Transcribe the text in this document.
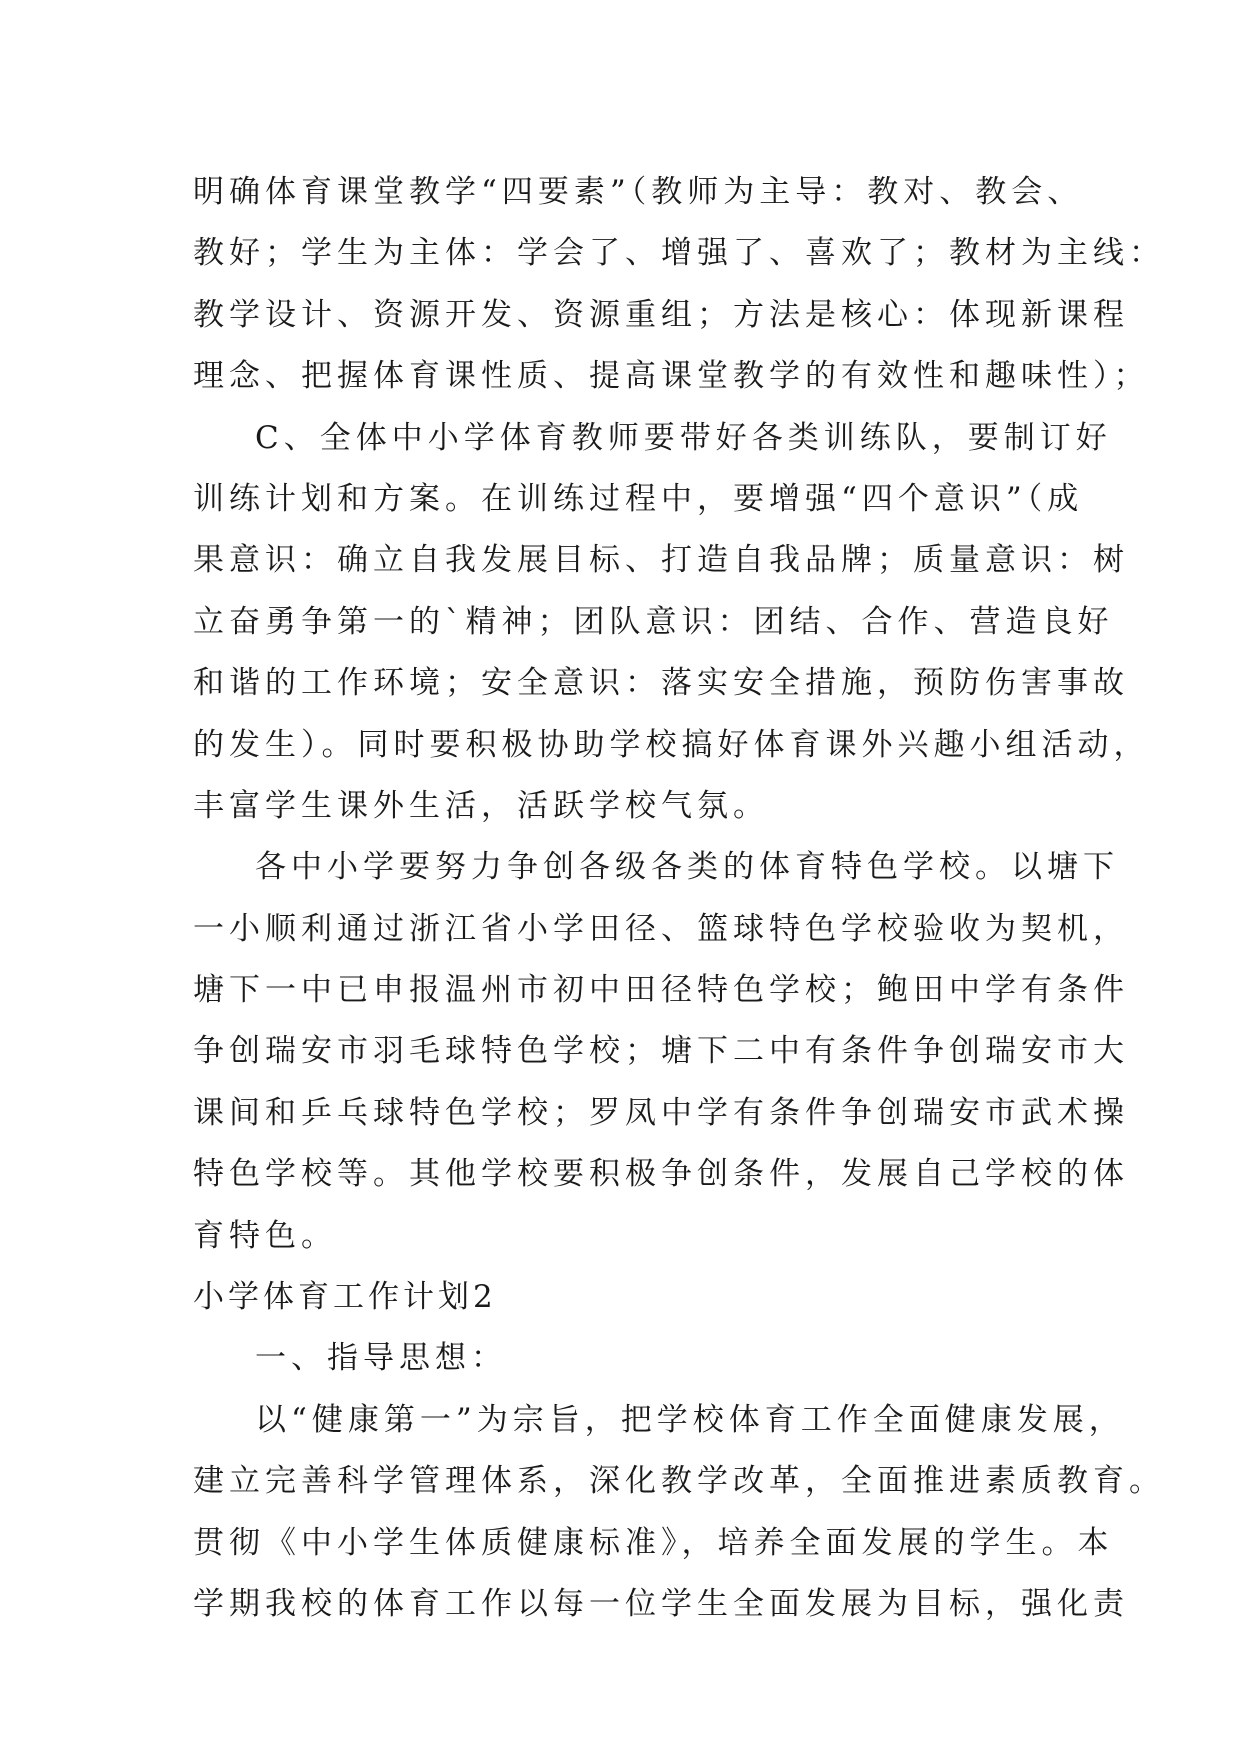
明确体育课堂教学“四要素”（教师为主导：教对、教会、
教好；学生为主体：学会了、增强了、喜欢了；教材为主线：
教学设计、资源开发、资源重组；方法是核心：体现新课程
理念、把握体育课性质、提高课堂教学的有效性和趣味性）；
C、全体中小学体育教师要带好各类训练队，要制订好
训练计划和方案。在训练过程中，要增强“四个意识”（成
果意识：确立自我发展目标、打造自我品牌；质量意识：树
立奋勇争第一的`精神；团队意识：团结、合作、营造良好
和谐的工作环境；安全意识：落实安全措施，预防伤害事故
的发生）。同时要积极协助学校搞好体育课外兴趣小组活动，
丰富学生课外生活，活跃学校气氛。
各中小学要努力争创各级各类的体育特色学校。以塘下
一小顺利通过浙江省小学田径、篮球特色学校验收为契机，
塘下一中已申报温州市初中田径特色学校；鲍田中学有条件
争创瑞安市羽毛球特色学校；塘下二中有条件争创瑞安市大
课间和乒乓球特色学校；罗凤中学有条件争创瑞安市武术操
特色学校等。其他学校要积极争创条件，发展自己学校的体
育特色。
小学体育工作计划2
一、指导思想：
以“健康第一”为宗旨，把学校体育工作全面健康发展，
建立完善科学管理体系，深化教学改革，全面推进素质教育。
贯彻《中小学生体质健康标准》，培养全面发展的学生。本
学期我校的体育工作以每一位学生全面发展为目标，强化责
